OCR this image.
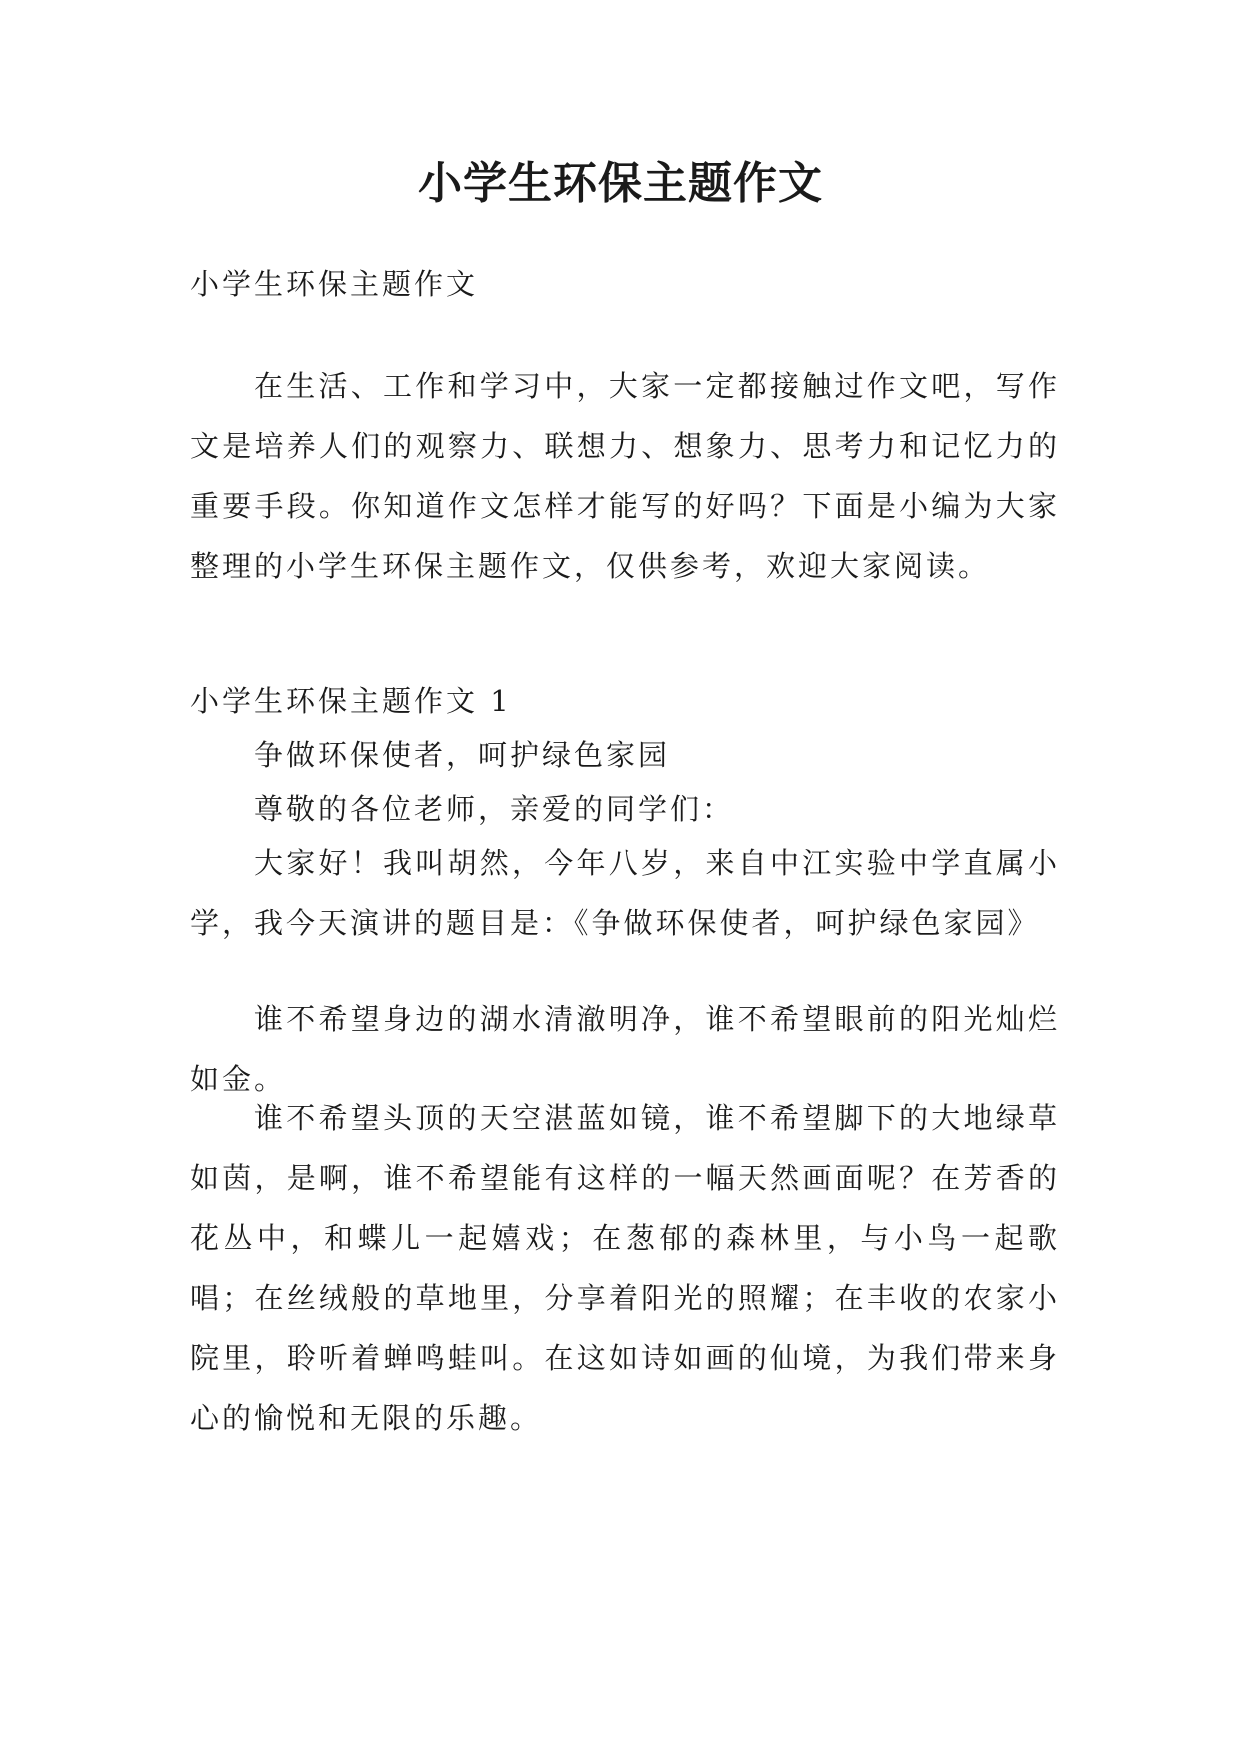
小学生环保主题作文

小学生环保主题作文

在生活、工作和学习中，大家一定都接触过作文吧，写作文是培养人们的观察力、联想力、想象力、思考力和记忆力的重要手段。你知道作文怎样才能写的好吗？下面是小编为大家整理的小学生环保主题作文，仅供参考，欢迎大家阅读。

小学生环保主题作文 1

争做环保使者，呵护绿色家园

尊敬的各位老师，亲爱的同学们：

大家好！我叫胡然，今年八岁，来自中江实验中学直属小学，我今天演讲的题目是：《争做环保使者，呵护绿色家园》

谁不希望身边的湖水清澈明净，谁不希望眼前的阳光灿烂如金。

谁不希望头顶的天空湛蓝如镜，谁不希望脚下的大地绿草如茵，是啊，谁不希望能有这样的一幅天然画面呢？在芳香的花丛中，和蝶儿一起嬉戏；在葱郁的森林里，与小鸟一起歌唱；在丝绒般的草地里，分享着阳光的照耀；在丰收的农家小院里，聆听着蝉鸣蛙叫。在这如诗如画的仙境，为我们带来身心的愉悦和无限的乐趣。
